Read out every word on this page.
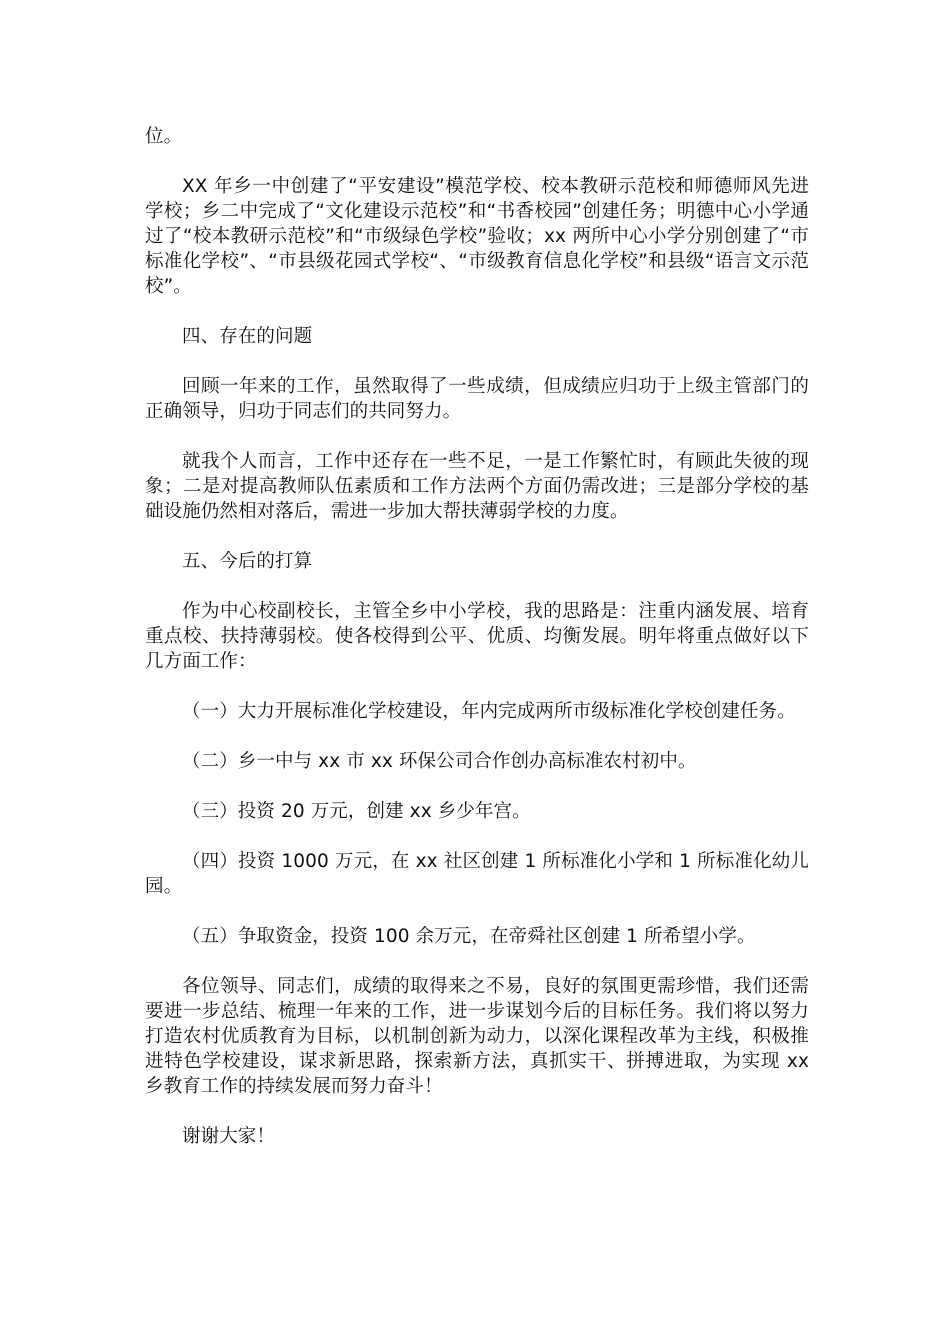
位。

XX 年乡一中创建了“平安建设”模范学校、校本教研示范校和师德师风先进学校；乡二中完成了“文化建设示范校”和“书香校园”创建任务；明德中心小学通过了“校本教研示范校”和“市级绿色学校”验收；xx 两所中心小学分别创建了“市标准化学校”、“市县级花园式学校“、“市级教育信息化学校”和县级“语言文示范校”。

四、存在的问题

回顾一年来的工作，虽然取得了一些成绩，但成绩应归功于上级主管部门的正确领导，归功于同志们的共同努力。

就我个人而言，工作中还存在一些不足，一是工作繁忙时，有顾此失彼的现象；二是对提高教师队伍素质和工作方法两个方面仍需改进；三是部分学校的基础设施仍然相对落后，需进一步加大帮扶薄弱学校的力度。

五、今后的打算

作为中心校副校长，主管全乡中小学校，我的思路是：注重内涵发展、培育重点校、扶持薄弱校。使各校得到公平、优质、均衡发展。明年将重点做好以下几方面工作：

（一）大力开展标准化学校建设，年内完成两所市级标准化学校创建任务。

（二）乡一中与 xx 市 xx 环保公司合作创办高标准农村初中。

（三）投资 20 万元，创建 xx 乡少年宫。

（四）投资 1000 万元，在 xx 社区创建 1 所标准化小学和 1 所标准化幼儿园。

（五）争取资金，投资 100 余万元，在帝舜社区创建 1 所希望小学。

各位领导、同志们，成绩的取得来之不易，良好的氛围更需珍惜，我们还需要进一步总结、梳理一年来的工作，进一步谋划今后的目标任务。我们将以努力打造农村优质教育为目标，以机制创新为动力，以深化课程改革为主线，积极推进特色学校建设，谋求新思路，探索新方法，真抓实干、拼搏进取，为实现 xx 乡教育工作的持续发展而努力奋斗！

谢谢大家！
